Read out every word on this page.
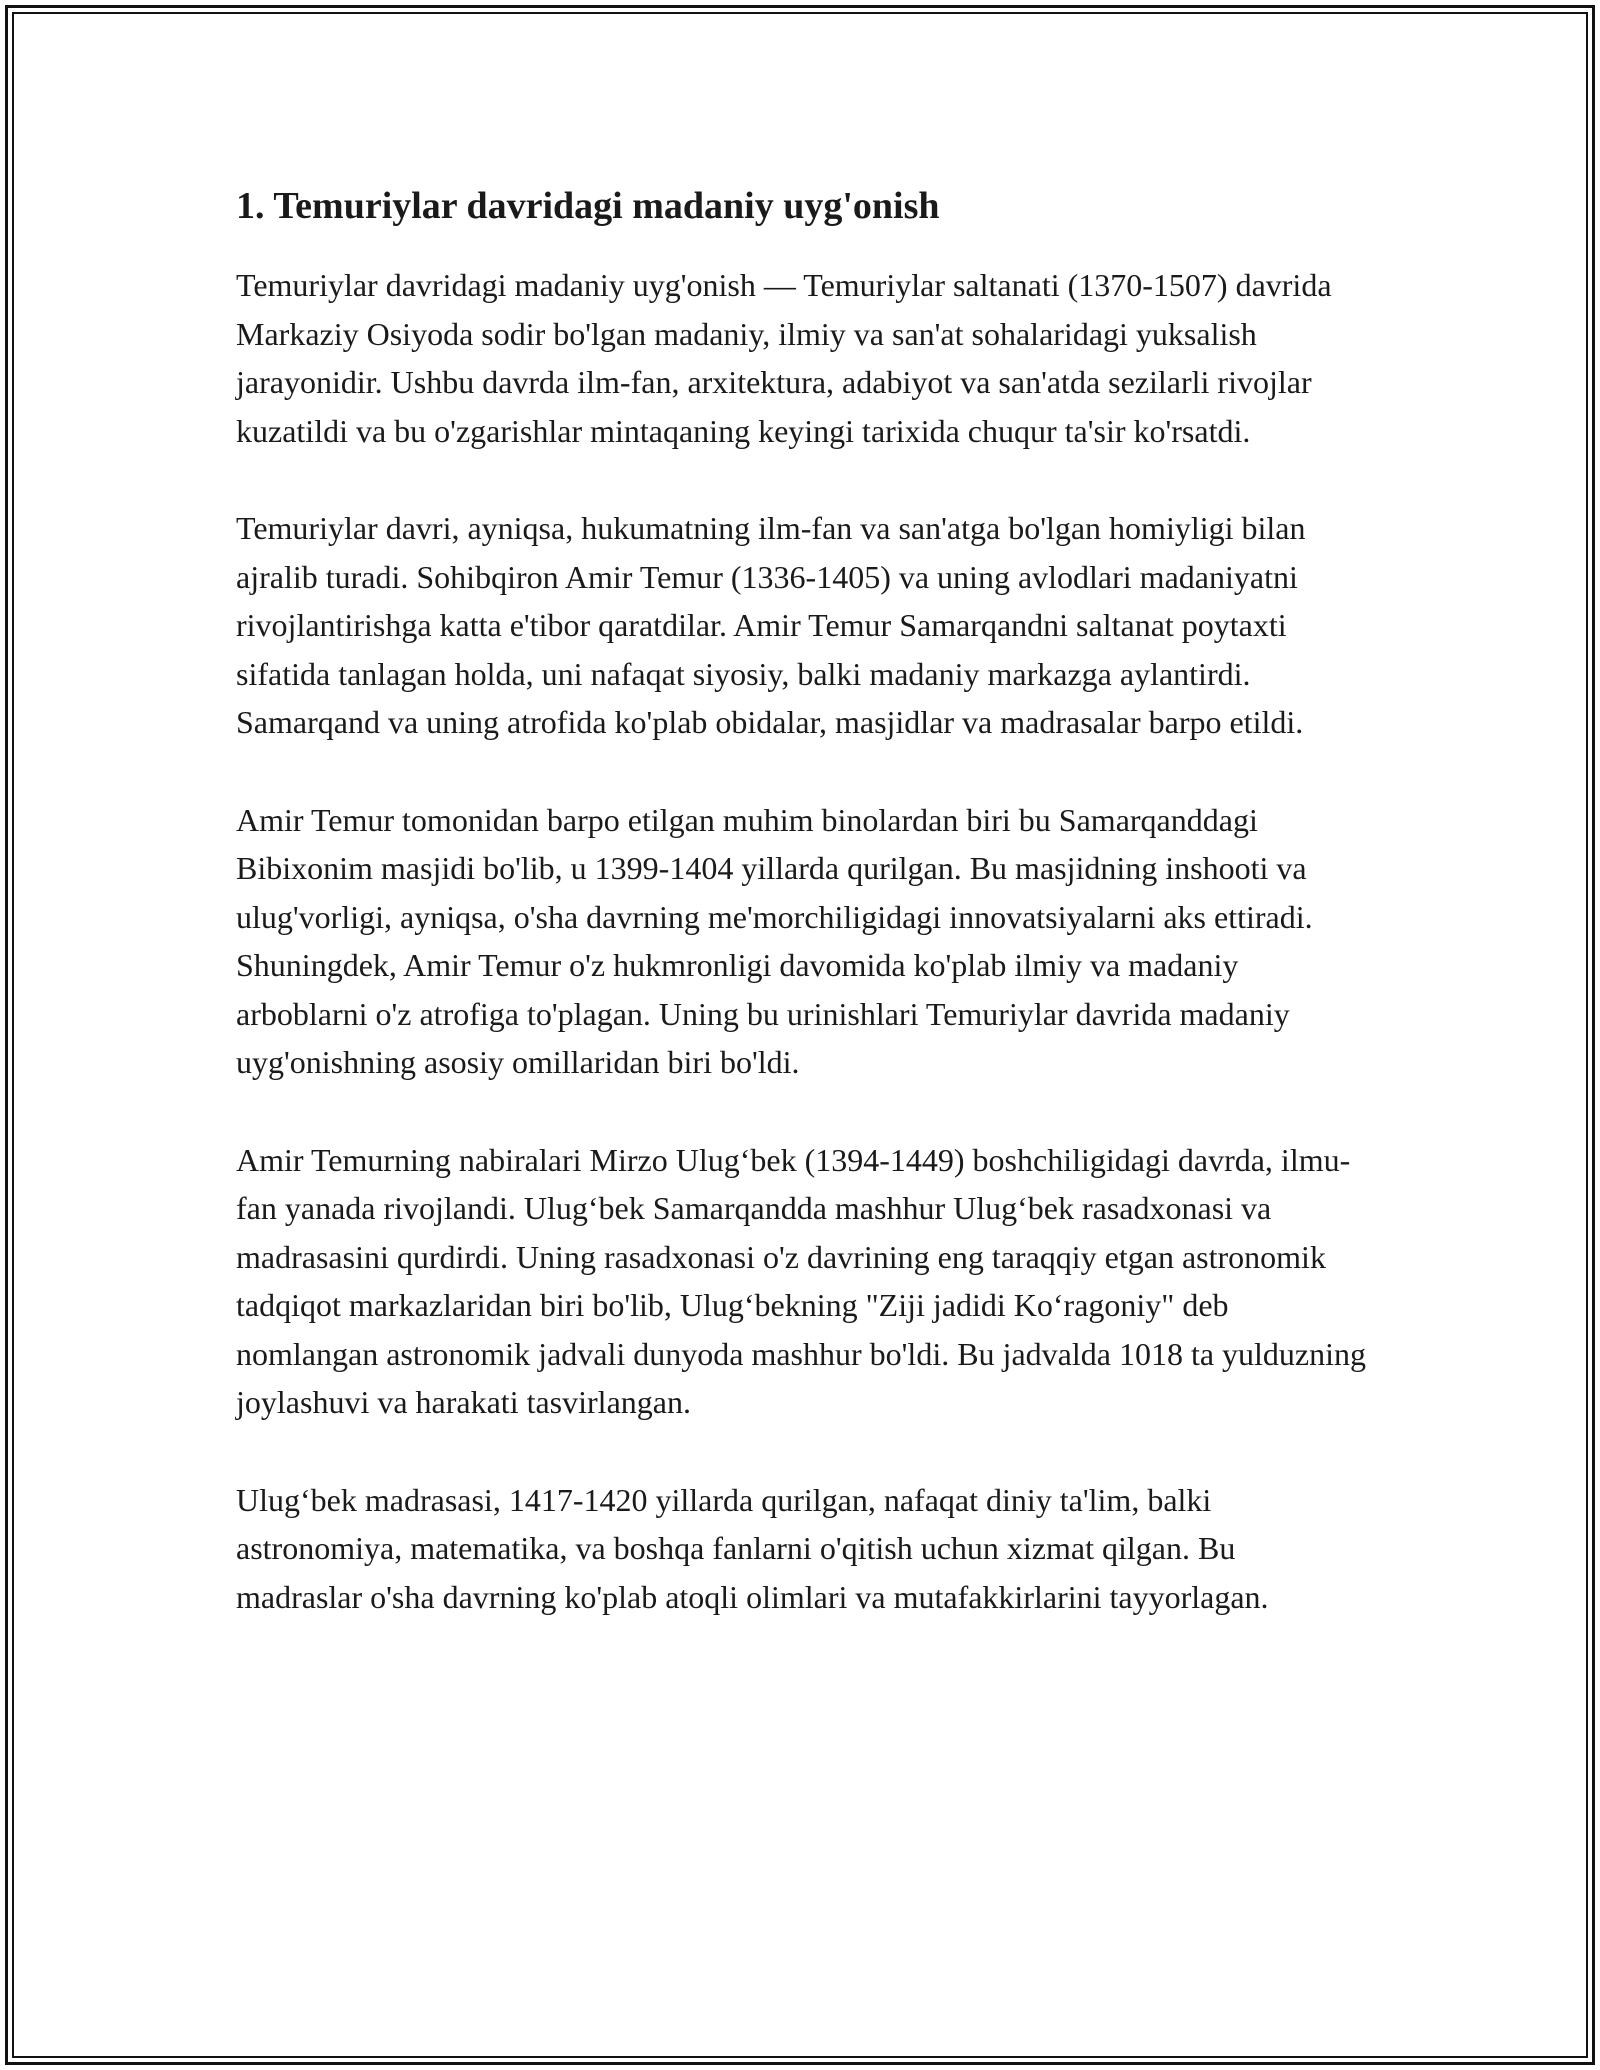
1. Temuriylar davridagi madaniy uyg'onish

Temuriylar davridagi madaniy uyg'onish — Temuriylar saltanati (1370-1507) davrida Markaziy Osiyoda sodir bo'lgan madaniy, ilmiy va san'at sohalaridagi yuksalish jarayonidir. Ushbu davrda ilm-fan, arxitektura, adabiyot va san'atda sezilarli rivojlar kuzatildi va bu o'zgarishlar mintaqaning keyingi tarixida chuqur ta'sir ko'rsatdi.

Temuriylar davri, ayniqsa, hukumatning ilm-fan va san'atga bo'lgan homiyligi bilan ajralib turadi. Sohibqiron Amir Temur (1336-1405) va uning avlodlari madaniyatni rivojlantirishga katta e'tibor qaratdilar. Amir Temur Samarqandni saltanat poytaxti sifatida tanlagan holda, uni nafaqat siyosiy, balki madaniy markazga aylantirdi. Samarqand va uning atrofida ko'plab obidalar, masjidlar va madrasalar barpo etildi.

Amir Temur tomonidan barpo etilgan muhim binolardan biri bu Samarqanddagi Bibixonim masjidi bo'lib, u 1399-1404 yillarda qurilgan. Bu masjidning inshooti va ulug'vorligi, ayniqsa, o'sha davrning me'morchiligidagi innovatsiyalarni aks ettiradi. Shuningdek, Amir Temur o'z hukmronligi davomida ko'plab ilmiy va madaniy arboblarni o'z atrofiga to'plagan. Uning bu urinishlari Temuriylar davrida madaniy uyg'onishning asosiy omillaridan biri bo'ldi.

Amir Temurning nabiralari Mirzo Ulug‘bek (1394-1449) boshchiligidagi davrda, ilmu-fan yanada rivojlandi. Ulug‘bek Samarqandda mashhur Ulug‘bek rasadxonasi va madrasasini qurdirdi. Uning rasadxonasi o'z davrining eng taraqqiy etgan astronomik tadqiqot markazlaridan biri bo'lib, Ulug‘bekning "Ziji jadidi Ko‘ragoniy" deb nomlangan astronomik jadvali dunyoda mashhur bo'ldi. Bu jadvalda 1018 ta yulduzning joylashuvi va harakati tasvirlangan.

Ulug‘bek madrasasi, 1417-1420 yillarda qurilgan, nafaqat diniy ta'lim, balki astronomiya, matematika, va boshqa fanlarni o'qitish uchun xizmat qilgan. Bu madraslar o'sha davrning ko'plab atoqli olimlari va mutafakkirlarini tayyorlagan.
